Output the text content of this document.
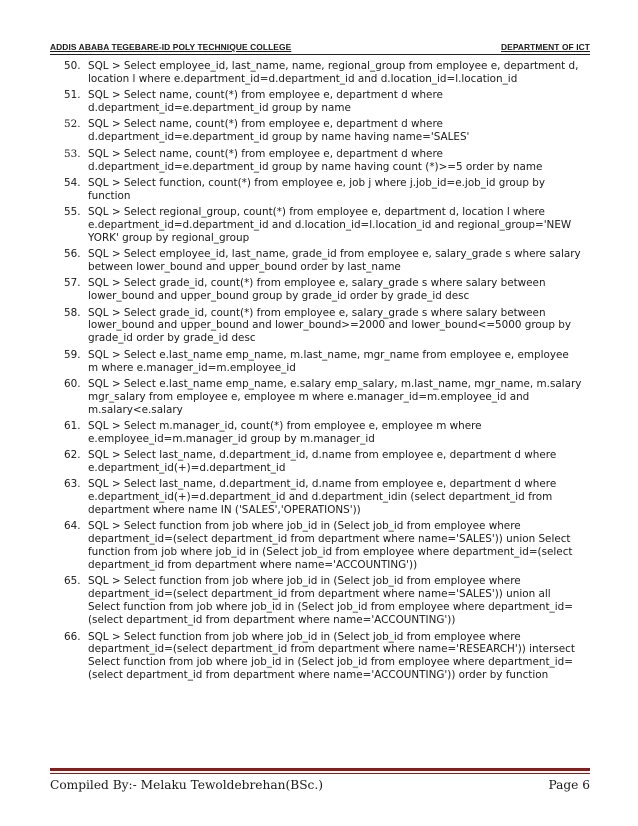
ADDIS ABABA TEGEBARE-ID POLY TECHNIQUE COLLEGE	DEPARTMENT OF ICT
50. SQL > Select employee_id, last_name, name, regional_group from employee e, department d, location l where e.department_id=d.department_id and d.location_id=l.location_id
51. SQL > Select name, count(*) from employee e, department d where d.department_id=e.department_id group by name
52. SQL > Select name, count(*) from employee e, department d where d.department_id=e.department_id group by name having name='SALES'
53. SQL > Select name, count(*) from employee e, department d where d.department_id=e.department_id group by name having count (*)>=5 order by name
54. SQL > Select function, count(*) from employee e, job j where j.job_id=e.job_id group by function
55. SQL > Select regional_group, count(*) from employee e, department d, location l where e.department_id=d.department_id and d.location_id=l.location_id and regional_group='NEW YORK' group by regional_group
56. SQL > Select employee_id, last_name, grade_id from employee e, salary_grade s where salary between lower_bound and upper_bound order by last_name
57. SQL > Select grade_id, count(*) from employee e, salary_grade s where salary between lower_bound and upper_bound group by grade_id order by grade_id desc
58. SQL > Select grade_id, count(*) from employee e, salary_grade s where salary between lower_bound and upper_bound and lower_bound>=2000 and lower_bound<=5000 group by grade_id order by grade_id desc
59. SQL > Select e.last_name emp_name, m.last_name, mgr_name from employee e, employee m where e.manager_id=m.employee_id
60. SQL > Select e.last_name emp_name, e.salary emp_salary, m.last_name, mgr_name, m.salary mgr_salary from employee e, employee m where e.manager_id=m.employee_id and m.salary<e.salary
61. SQL > Select m.manager_id, count(*) from employee e, employee m where e.employee_id=m.manager_id group by m.manager_id
62. SQL > Select last_name, d.department_id, d.name from employee e, department d where e.department_id(+)=d.department_id
63. SQL > Select last_name, d.department_id, d.name from employee e, department d where e.department_id(+)=d.department_id and d.department_idin (select department_id from department where name IN ('SALES','OPERATIONS'))
64. SQL > Select function from job where job_id in (Select job_id from employee where department_id=(select department_id from department where name='SALES')) union Select function from job where job_id in (Select job_id from employee where department_id=(select department_id from department where name='ACCOUNTING'))
65. SQL > Select function from job where job_id in (Select job_id from employee where department_id=(select department_id from department where name='SALES')) union all Select function from job where job_id in (Select job_id from employee where department_id=(select department_id from department where name='ACCOUNTING'))
66. SQL > Select function from job where job_id in (Select job_id from employee where department_id=(select department_id from department where name='RESEARCH')) intersect Select function from job where job_id in (Select job_id from employee where department_id=(select department_id from department where name='ACCOUNTING')) order by function
Compiled By:- Melaku Tewoldebrehan(BSc.)	Page 6
